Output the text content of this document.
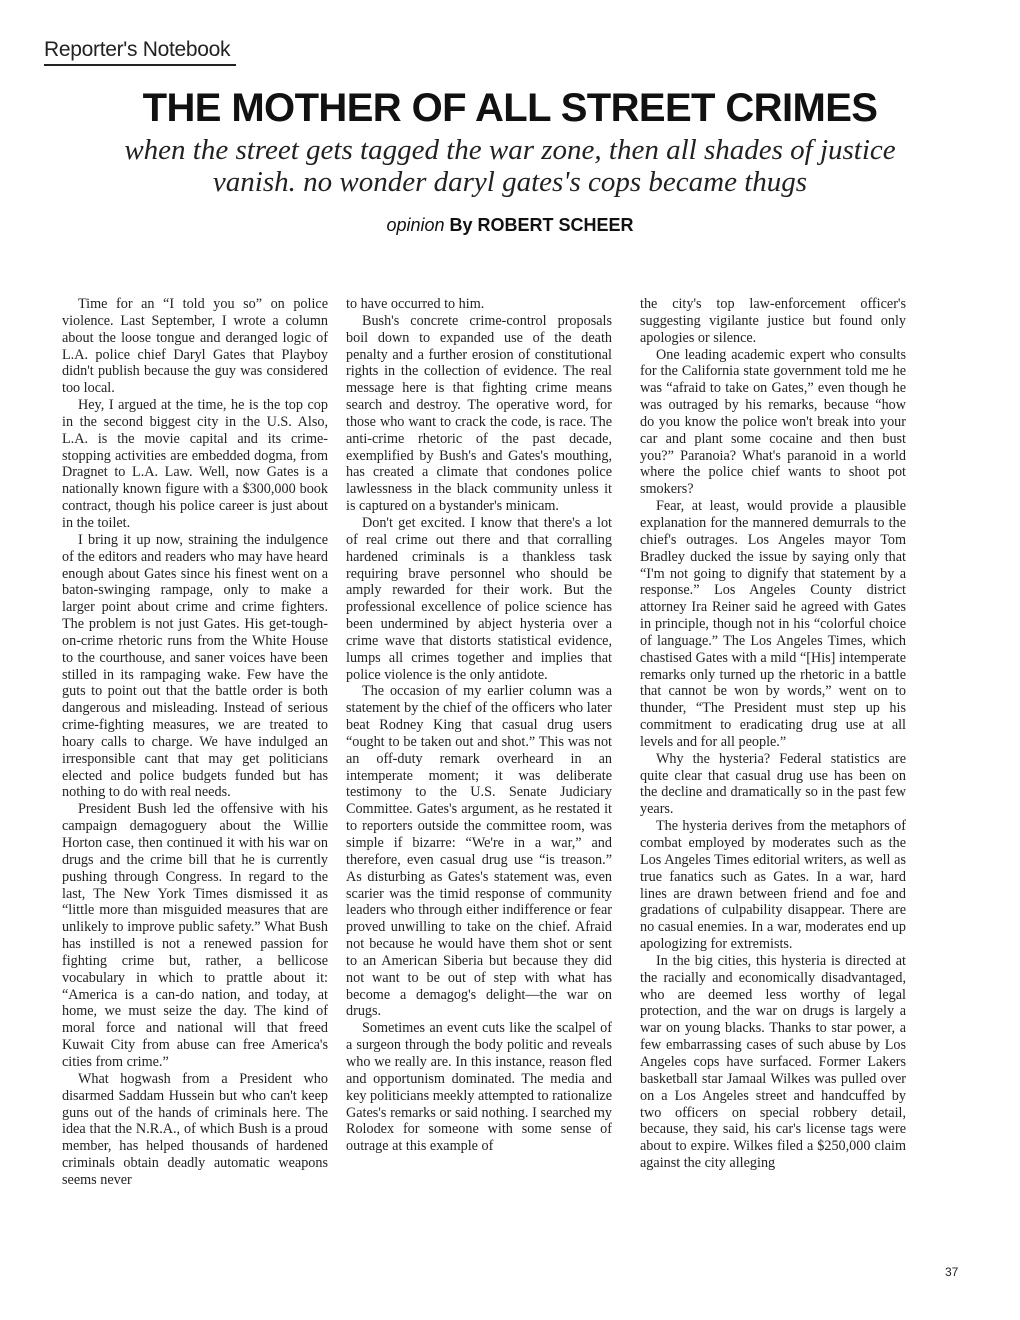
Reporter's Notebook
THE MOTHER OF ALL STREET CRIMES
when the street gets tagged the war zone, then all shades of justice vanish. no wonder daryl gates's cops became thugs
opinion By ROBERT SCHEER

Time for an “I told you so” on police violence. Last September, I wrote a column about the loose tongue and deranged logic of L.A. police chief Daryl Gates that Playboy didn't publish because the guy was considered too local.

Hey, I argued at the time, he is the top cop in the second biggest city in the U.S. Also, L.A. is the movie capital and its crime-stopping activities are embedded dogma, from Dragnet to L.A. Law. Well, now Gates is a nationally known figure with a $300,000 book contract, though his police career is just about in the toilet.

I bring it up now, straining the indulgence of the editors and readers who may have heard enough about Gates since his finest went on a baton-swinging rampage, only to make a larger point about crime and crime fighters. The problem is not just Gates. His get-tough-on-crime rhetoric runs from the White House to the courthouse, and saner voices have been stilled in its rampaging wake. Few have the guts to point out that the battle order is both dangerous and misleading. Instead of serious crime-fighting measures, we are treated to hoary calls to charge. We have indulged an irresponsible cant that may get politicians elected and police budgets funded but has nothing to do with real needs.

President Bush led the offensive with his campaign demagoguery about the Willie Horton case, then continued it with his war on drugs and the crime bill that he is currently pushing through Congress. In regard to the last, The New York Times dismissed it as “little more than misguided measures that are unlikely to improve public safety.” What Bush has instilled is not a renewed passion for fighting crime but, rather, a bellicose vocabulary in which to prattle about it: “America is a can-do nation, and today, at home, we must seize the day. The kind of moral force and national will that freed Kuwait City from abuse can free America's cities from crime.”

What hogwash from a President who disarmed Saddam Hussein but who can't keep guns out of the hands of criminals here. The idea that the N.R.A., of which Bush is a proud member, has helped thousands of hardened criminals obtain deadly automatic weapons seems never

to have occurred to him.

Bush's concrete crime-control proposals boil down to expanded use of the death penalty and a further erosion of constitutional rights in the collection of evidence. The real message here is that fighting crime means search and destroy. The operative word, for those who want to crack the code, is race. The anti-crime rhetoric of the past decade, exemplified by Bush's and Gates's mouthing, has created a climate that condones police lawlessness in the black community unless it is captured on a bystander's minicam.

Don't get excited. I know that there's a lot of real crime out there and that corralling hardened criminals is a thankless task requiring brave personnel who should be amply rewarded for their work. But the professional excellence of police science has been undermined by abject hysteria over a crime wave that distorts statistical evidence, lumps all crimes together and implies that police violence is the only antidote.

The occasion of my earlier column was a statement by the chief of the officers who later beat Rodney King that casual drug users “ought to be taken out and shot.” This was not an off-duty remark overheard in an intemperate moment; it was deliberate testimony to the U.S. Senate Judiciary Committee. Gates's argument, as he restated it to reporters outside the committee room, was simple if bizarre: “We're in a war,” and therefore, even casual drug use “is treason.” As disturbing as Gates's statement was, even scarier was the timid response of community leaders who through either indifference or fear proved unwilling to take on the chief. Afraid not because he would have them shot or sent to an American Siberia but because they did not want to be out of step with what has become a demagog's delight—the war on drugs.

Sometimes an event cuts like the scalpel of a surgeon through the body politic and reveals who we really are. In this instance, reason fled and opportunism dominated. The media and key politicians meekly attempted to rationalize Gates's remarks or said nothing. I searched my Rolodex for someone with some sense of outrage at this example of

the city's top law-enforcement officer's suggesting vigilante justice but found only apologies or silence.

One leading academic expert who consults for the California state government told me he was “afraid to take on Gates,” even though he was outraged by his remarks, because “how do you know the police won't break into your car and plant some cocaine and then bust you?” Paranoia? What's paranoid in a world where the police chief wants to shoot pot smokers?

Fear, at least, would provide a plausible explanation for the mannered demurrals to the chief's outrages. Los Angeles mayor Tom Bradley ducked the issue by saying only that “I'm not going to dignify that statement by a response.” Los Angeles County district attorney Ira Reiner said he agreed with Gates in principle, though not in his “colorful choice of language.” The Los Angeles Times, which chastised Gates with a mild “[His] intemperate remarks only turned up the rhetoric in a battle that cannot be won by words,” went on to thunder, “The President must step up his commitment to eradicating drug use at all levels and for all people.”

Why the hysteria? Federal statistics are quite clear that casual drug use has been on the decline and dramatically so in the past few years.

The hysteria derives from the metaphors of combat employed by moderates such as the Los Angeles Times editorial writers, as well as true fanatics such as Gates. In a war, hard lines are drawn between friend and foe and gradations of culpability disappear. There are no casual enemies. In a war, moderates end up apologizing for extremists.

In the big cities, this hysteria is directed at the racially and economically disadvantaged, who are deemed less worthy of legal protection, and the war on drugs is largely a war on young blacks. Thanks to star power, a few embarrassing cases of such abuse by Los Angeles cops have surfaced. Former Lakers basketball star Jamaal Wilkes was pulled over on a Los Angeles street and handcuffed by two officers on special robbery detail, because, they said, his car's license tags were about to expire. Wilkes filed a $250,000 claim against the city alleging

37
